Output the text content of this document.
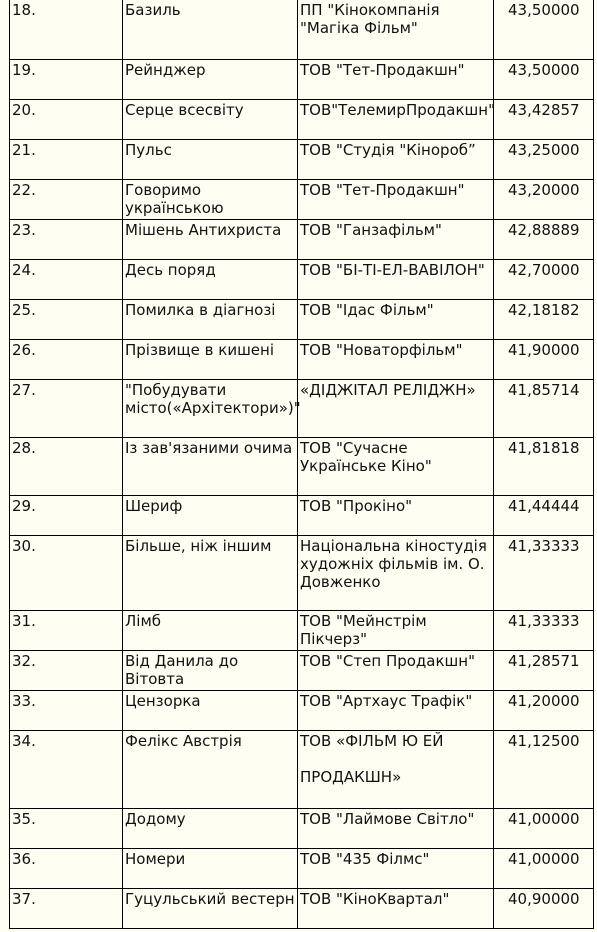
18.	Базиль	ПП "Кінокомпанія "Магіка Фільм"	43,50000
19.	Рейнджер	ТОВ "Тет-Продакшн"	43,50000
20.	Серце всесвіту	ТОВ"ТелемирПродакшн"	43,42857
21.	Пульс	ТОВ "Студія "Кіноробˮ	43,25000
22.	Говоримо українською	ТОВ "Тет-Продакшн"	43,20000
23.	Мішень Антихриста	ТОВ "Ганзафільм"	42,88889
24.	Десь поряд	ТОВ "БІ-ТІ-ЕЛ-ВАВІЛОН"	42,70000
25.	Помилка в діагнозі	ТОВ "Ідас Фільм"	42,18182
26.	Прізвище в кишені	ТОВ "Новаторфільм"	41,90000
27.	"Побудувати місто(«Архітектори»)"	«ДІДЖІТАЛ РЕЛІДЖН»	41,85714
28.	Із зав'язаними очима	ТОВ "Сучасне Українське Кіно"	41,81818
29.	Шериф	ТОВ "Прокіно"	41,44444
30.	Більше, ніж іншим	Національна кіностудія художніх фільмів ім. О. Довженко	41,33333
31.	Лімб	ТОВ "Мейнстрім Пікчерз"	41,33333
32.	Від Данила до Вітовта	ТОВ "Степ Продакшн"	41,28571
33.	Цензорка	ТОВ "Артхаус Трафік"	41,20000
34.	Фелікс Австрія	ТОВ «ФІЛЬМ Ю ЕЙ

ПРОДАКШН»	41,12500
35.	Додому	ТОВ "Лаймове Світло"	41,00000
36.	Номери	ТОВ "435 Філмс"	41,00000
37.	Гуцульський вестерн	ТОВ "КіноКвартал"	40,90000
